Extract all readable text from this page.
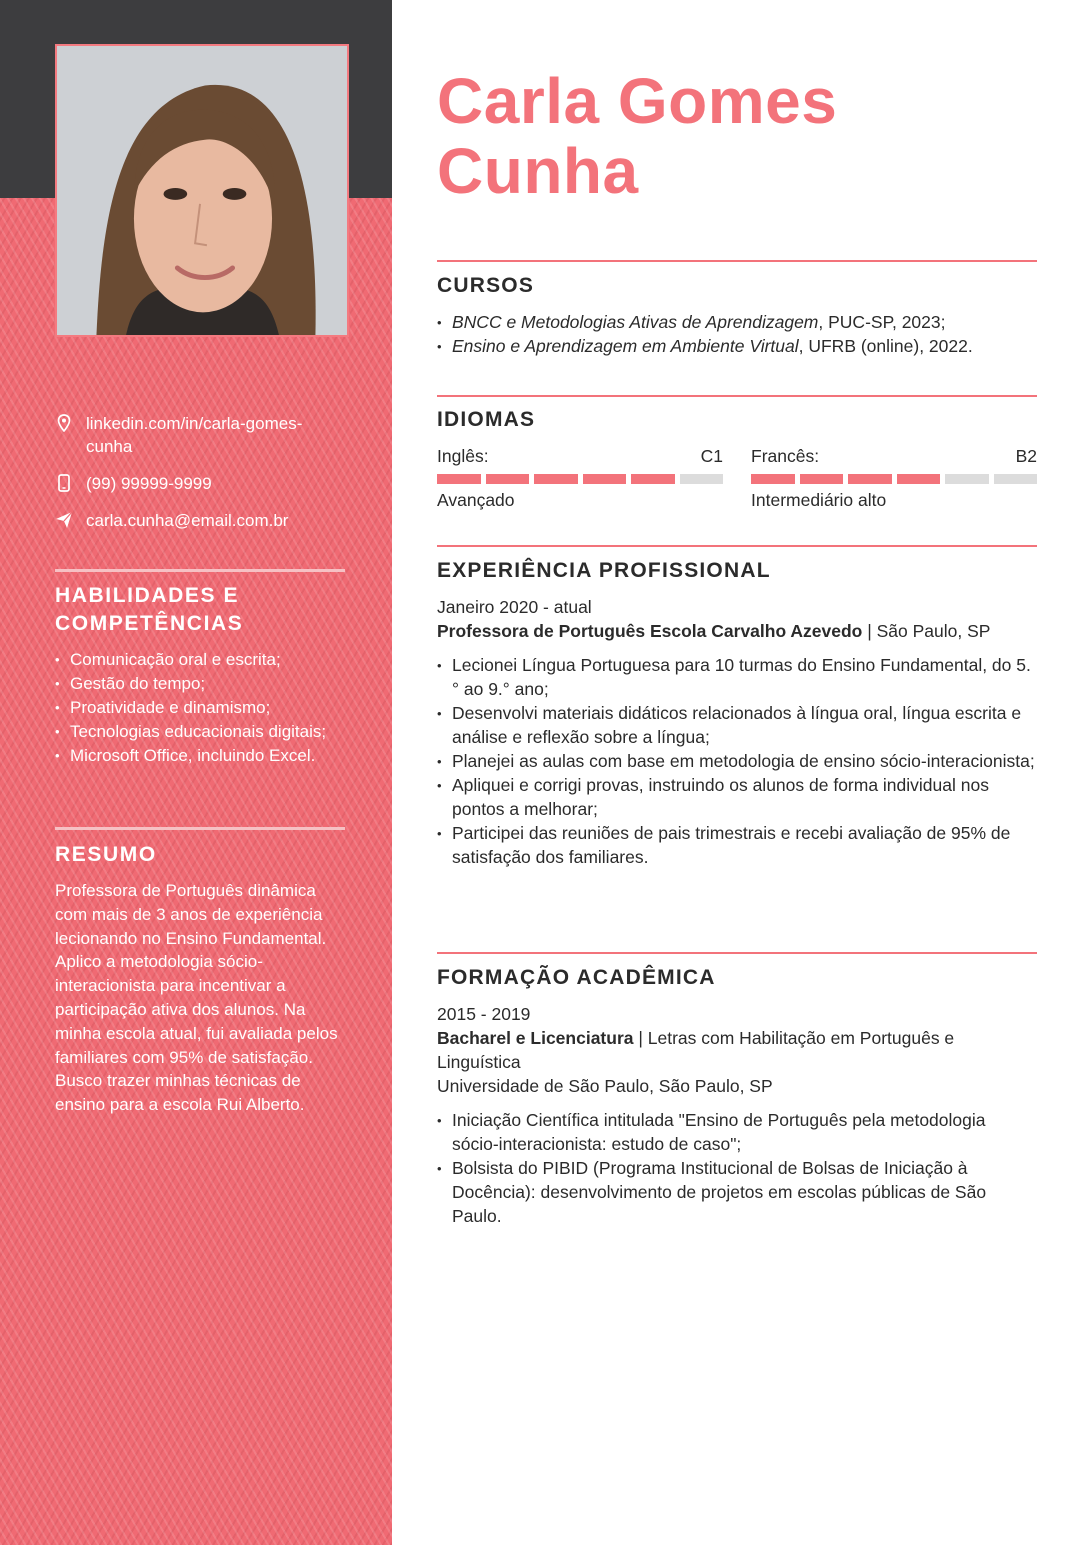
linkedin.com/in/carla-gomes-cunha
(99) 99999-9999
carla.cunha@email.com.br
HABILIDADES E
COMPETÊNCIAS
• Comunicação oral e escrita;
• Gestão do tempo;
• Proatividade e dinamismo;
• Tecnologias educacionais digitais;
• Microsoft Office, incluindo Excel.
RESUMO
Professora de Português dinâmica com mais de 3 anos de experiência lecionando no Ensino Fundamental. Aplico a metodologia sócio-interacionista para incentivar a participação ativa dos alunos. Na minha escola atual, fui avaliada pelos familiares com 95% de satisfação. Busco trazer minhas técnicas de ensino para a escola Rui Alberto.
Carla Gomes
Cunha
CURSOS
• BNCC e Metodologias Ativas de Aprendizagem, PUC-SP, 2023;
• Ensino e Aprendizagem em Ambiente Virtual, UFRB (online), 2022.
IDIOMAS
Inglês:	C1
Avançado
Francês:	B2
Intermediário alto
EXPERIÊNCIA PROFISSIONAL
Janeiro 2020 - atual
Professora de Português Escola Carvalho Azevedo | São Paulo, SP
• Lecionei Língua Portuguesa para 10 turmas do Ensino Fundamental, do 5.° ao 9.° ano;
• Desenvolvi materiais didáticos relacionados à língua oral, língua escrita e análise e reflexão sobre a língua;
• Planejei as aulas com base em metodologia de ensino sócio-interacionista;
• Apliquei e corrigi provas, instruindo os alunos de forma individual nos pontos a melhorar;
• Participei das reuniões de pais trimestrais e recebi avaliação de 95% de satisfação dos familiares.
FORMAÇÃO ACADÊMICA
2015 - 2019
Bacharel e Licenciatura | Letras com Habilitação em Português e Linguística
Universidade de São Paulo, São Paulo, SP
• Iniciação Científica intitulada "Ensino de Português pela metodologia sócio-interacionista: estudo de caso";
• Bolsista do PIBID (Programa Institucional de Bolsas de Iniciação à Docência): desenvolvimento de projetos em escolas públicas de São Paulo.
